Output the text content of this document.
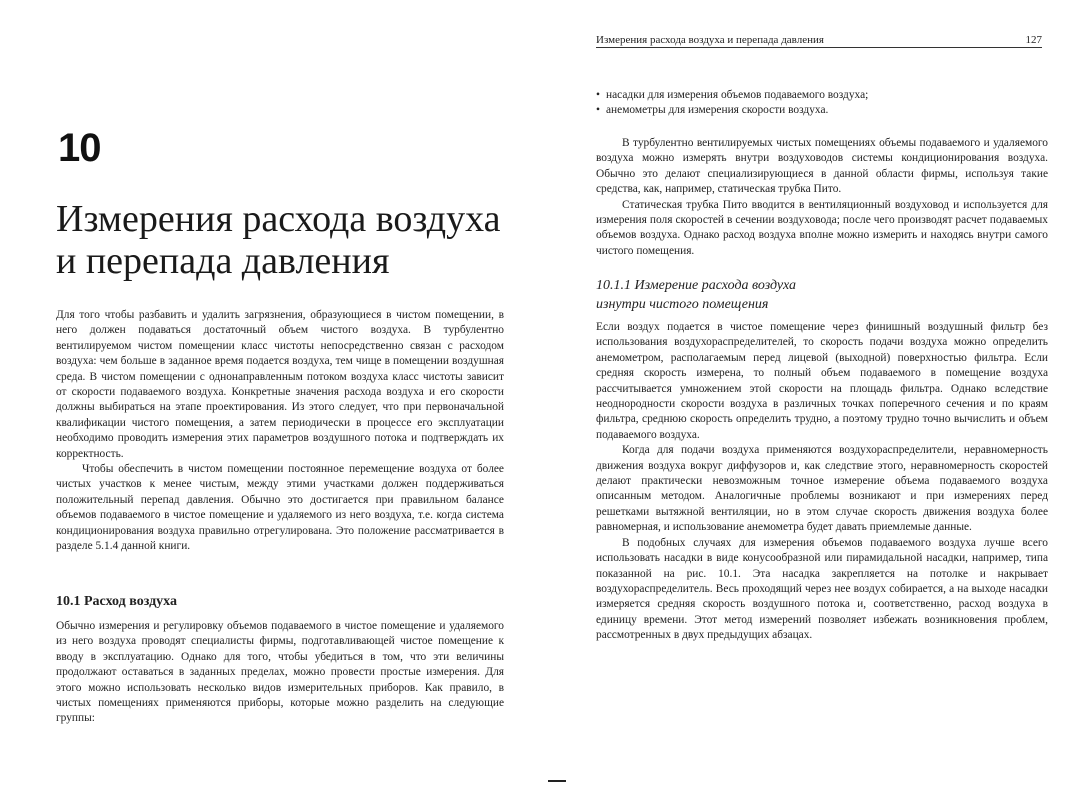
10
Измерения расхода воздуха
и перепада давления

Для того чтобы разбавить и удалить загрязнения, образующиеся в чистом помещении, в него должен подаваться достаточный объем чистого воздуха. В турбулентно вентилируемом чистом помещении класс чистоты непосредственно связан с расходом воздуха: чем больше в заданное время подается воздуха, тем чище в помещении воздушная среда. В чистом помещении с однонаправленным потоком воздуха класс чистоты зависит от скорости подаваемого воздуха. Конкретные значения расхода воздуха и его скорости должны выбираться на этапе проектирования. Из этого следует, что при первоначальной квалификации чистого помещения, а затем периодически в процессе его эксплуатации необходимо проводить измерения этих параметров воздушного потока и подтверждать их корректность.

Чтобы обеспечить в чистом помещении постоянное перемещение воздуха от более чистых участков к менее чистым, между этими участками должен поддерживаться положительный перепад давления. Обычно это достигается при правильном балансе объемов подаваемого в чистое помещение и удаляемого из него воздуха, т.е. когда система кондиционирования воздуха правильно отрегулирована. Это положение рассматривается в разделе 5.1.4 данной книги.

10.1 Расход воздуха

Обычно измерения и регулировку объемов подаваемого в чистое помещение и удаляемого из него воздуха проводят специалисты фирмы, подготавливающей чистое помещение к вводу в эксплуатацию. Однако для того, чтобы убедиться в том, что эти величины продолжают оставаться в заданных пределах, можно провести простые измерения. Для этого можно использовать несколько видов измерительных приборов. Как правило, в чистых помещениях применяются приборы, которые можно разделить на следующие группы:

Измерения расхода воздуха и перепада давления	127
• насадки для измерения объемов подаваемого воздуха;
• анемометры для измерения скорости воздуха.

В турбулентно вентилируемых чистых помещениях объемы подаваемого и удаляемого воздуха можно измерять внутри воздуховодов системы кондиционирования воздуха. Обычно это делают специализирующиеся в данной области фирмы, используя такие средства, как, например, статическая трубка Пито.

Статическая трубка Пито вводится в вентиляционный воздуховод и используется для измерения поля скоростей в сечении воздуховода; после чего производят расчет подаваемых объемов воздуха. Однако расход воздуха вполне можно измерить и находясь внутри самого чистого помещения.

10.1.1 Измерение расхода воздуха
изнутри чистого помещения

Если воздух подается в чистое помещение через финишный воздушный фильтр без использования воздухораспределителей, то скорость подачи воздуха можно определить анемометром, располагаемым перед лицевой (выходной) поверхностью фильтра. Если средняя скорость измерена, то полный объем подаваемого в помещение воздуха рассчитывается умножением этой скорости на площадь фильтра. Однако вследствие неоднородности скорости воздуха в различных точках поперечного сечения и по краям фильтра, среднюю скорость определить трудно, а поэтому трудно точно вычислить и объем подаваемого воздуха.

Когда для подачи воздуха применяются воздухораспределители, неравномерность движения воздуха вокруг диффузоров и, как следствие этого, неравномерность скоростей делают практически невозможным точное измерение объема подаваемого воздуха описанным методом. Аналогичные проблемы возникают и при измерениях перед решетками вытяжной вентиляции, но в этом случае скорость движения воздуха более равномерная, и использование анемометра будет давать приемлемые данные.

В подобных случаях для измерения объемов подаваемого воздуха лучше всего использовать насадки в виде конусообразной или пирамидальной насадки, например, типа показанной на рис. 10.1. Эта насадка закрепляется на потолке и накрывает воздухораспределитель. Весь проходящий через нее воздух собирается, а на выходе насадки измеряется средняя скорость воздушного потока и, соответственно, расход воздуха в единицу времени. Этот метод измерений позволяет избежать возникновения проблем, рассмотренных в двух предыдущих абзацах.
